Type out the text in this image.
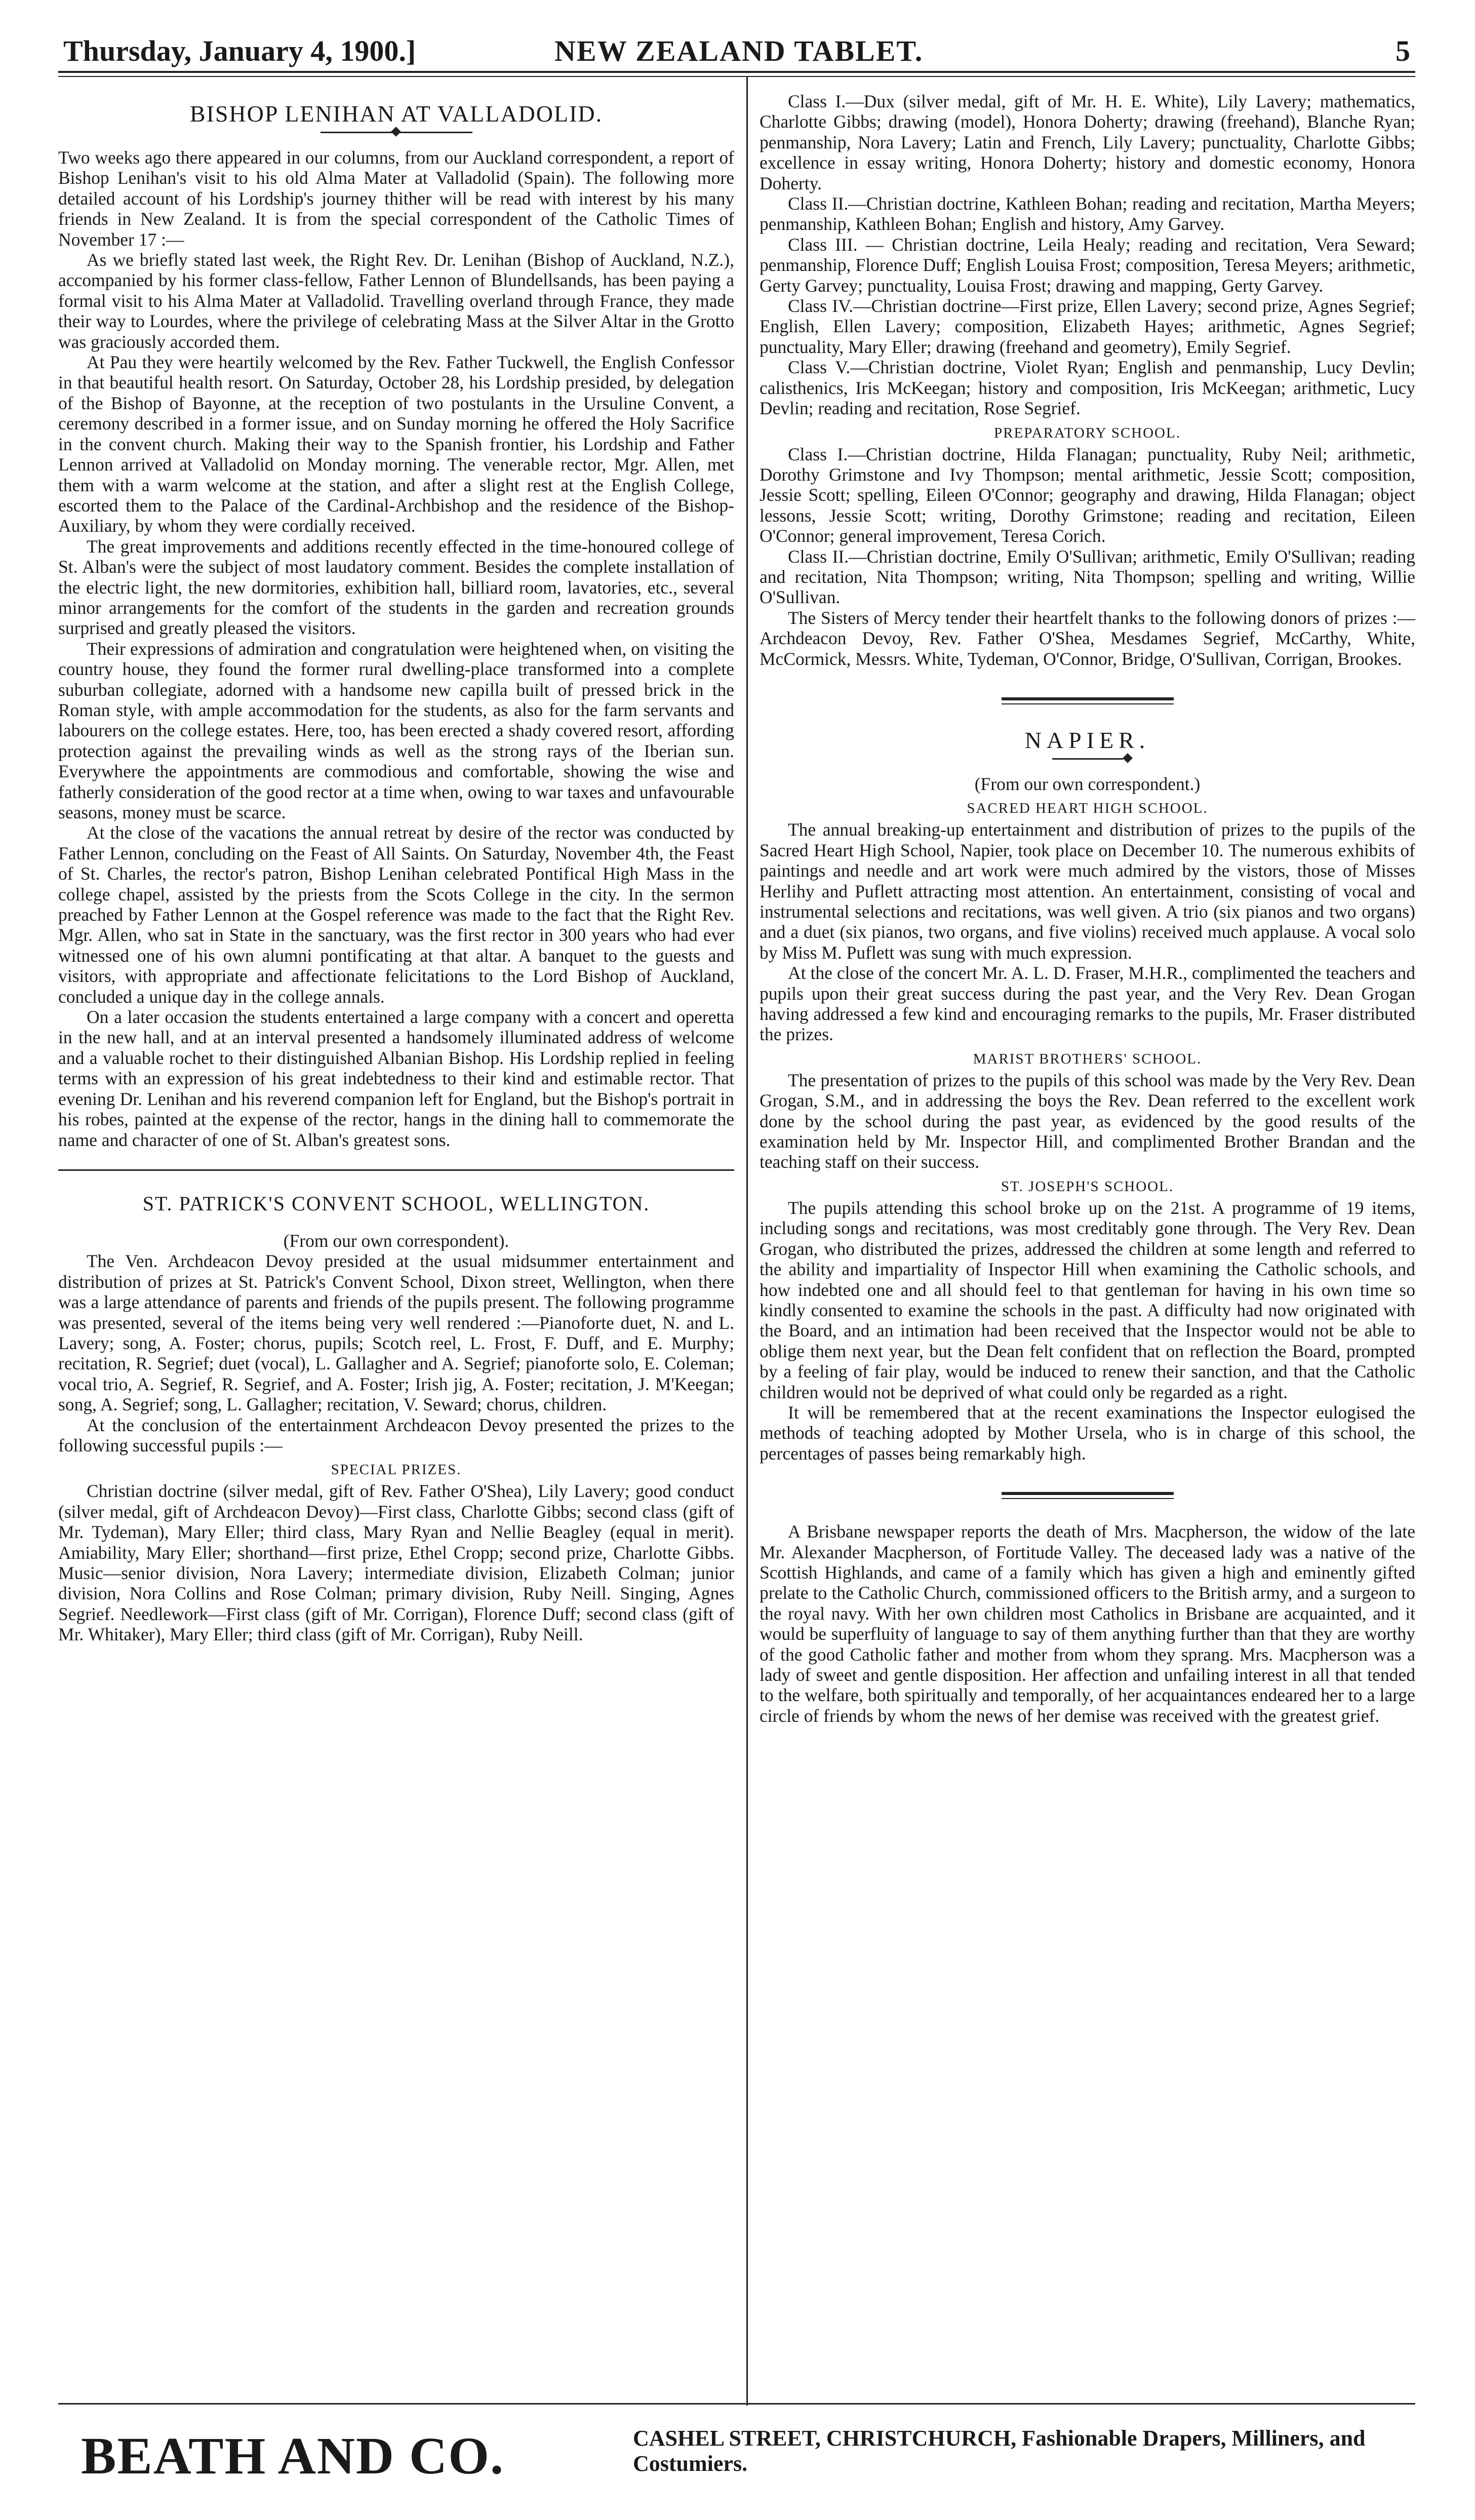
Thursday, January 4, 1900.]	NEW ZEALAND TABLET.	5
BISHOP LENIHAN AT VALLADOLID.

Two weeks ago there appeared in our columns, from our Auckland correspondent, a report of Bishop Lenihan's visit to his old Alma Mater at Valladolid (Spain). The following more detailed account of his Lordship's journey thither will be read with interest by his many friends in New Zealand. It is from the special correspondent of the Catholic Times of November 17 :—

As we briefly stated last week, the Right Rev. Dr. Lenihan (Bishop of Auckland, N.Z.), accompanied by his former class-fellow, Father Lennon of Blundellsands, has been paying a formal visit to his Alma Mater at Valladolid. Travelling overland through France, they made their way to Lourdes, where the privilege of celebrating Mass at the Silver Altar in the Grotto was graciously accorded them.

At Pau they were heartily welcomed by the Rev. Father Tuckwell, the English Confessor in that beautiful health resort. On Saturday, October 28, his Lordship presided, by delegation of the Bishop of Bayonne, at the reception of two postulants in the Ursuline Convent, a ceremony described in a former issue, and on Sunday morning he offered the Holy Sacrifice in the convent church. Making their way to the Spanish frontier, his Lordship and Father Lennon arrived at Valladolid on Monday morning. The venerable rector, Mgr. Allen, met them with a warm welcome at the station, and after a slight rest at the English College, escorted them to the Palace of the Cardinal-Archbishop and the residence of the Bishop-Auxiliary, by whom they were cordially received.

The great improvements and additions recently effected in the time-honoured college of St. Alban's were the subject of most laudatory comment. Besides the complete installation of the electric light, the new dormitories, exhibition hall, billiard room, lavatories, etc., several minor arrangements for the comfort of the students in the garden and recreation grounds surprised and greatly pleased the visitors.

Their expressions of admiration and congratulation were heightened when, on visiting the country house, they found the former rural dwelling-place transformed into a complete suburban collegiate, adorned with a handsome new capilla built of pressed brick in the Roman style, with ample accommodation for the students, as also for the farm servants and labourers on the college estates. Here, too, has been erected a shady covered resort, affording protection against the prevailing winds as well as the strong rays of the Iberian sun. Everywhere the appointments are commodious and comfortable, showing the wise and fatherly consideration of the good rector at a time when, owing to war taxes and unfavourable seasons, money must be scarce.

At the close of the vacations the annual retreat by desire of the rector was conducted by Father Lennon, concluding on the Feast of All Saints. On Saturday, November 4th, the Feast of St. Charles, the rector's patron, Bishop Lenihan celebrated Pontifical High Mass in the college chapel, assisted by the priests from the Scots College in the city. In the sermon preached by Father Lennon at the Gospel reference was made to the fact that the Right Rev. Mgr. Allen, who sat in State in the sanctuary, was the first rector in 300 years who had ever witnessed one of his own alumni pontificating at that altar. A banquet to the guests and visitors, with appropriate and affectionate felicitations to the Lord Bishop of Auckland, concluded a unique day in the college annals.

On a later occasion the students entertained a large company with a concert and operetta in the new hall, and at an interval presented a handsomely illuminated address of welcome and a valuable rochet to their distinguished Albanian Bishop. His Lordship replied in feeling terms with an expression of his great indebtedness to their kind and estimable rector. That evening Dr. Lenihan and his reverend companion left for England, but the Bishop's portrait in his robes, painted at the expense of the rector, hangs in the dining hall to commemorate the name and character of one of St. Alban's greatest sons.

ST. PATRICK'S CONVENT SCHOOL, WELLINGTON.

(From our own correspondent).

The Ven. Archdeacon Devoy presided at the usual midsummer entertainment and distribution of prizes at St. Patrick's Convent School, Dixon street, Wellington, when there was a large attendance of parents and friends of the pupils present. The following programme was presented, several of the items being very well rendered :—Pianoforte duet, N. and L. Lavery; song, A. Foster; chorus, pupils; Scotch reel, L. Frost, F. Duff, and E. Murphy; recitation, R. Segrief; duet (vocal), L. Gallagher and A. Segrief; pianoforte solo, E. Coleman; vocal trio, A. Segrief, R. Segrief, and A. Foster; Irish jig, A. Foster; recitation, J. M'Keegan; song, A. Segrief; song, L. Gallagher; recitation, V. Seward; chorus, children.

At the conclusion of the entertainment Archdeacon Devoy presented the prizes to the following successful pupils :—

SPECIAL PRIZES.

Christian doctrine (silver medal, gift of Rev. Father O'Shea), Lily Lavery; good conduct (silver medal, gift of Archdeacon Devoy)—First class, Charlotte Gibbs; second class (gift of Mr. Tydeman), Mary Eller; third class, Mary Ryan and Nellie Beagley (equal in merit). Amiability, Mary Eller; shorthand—first prize, Ethel Cropp; second prize, Charlotte Gibbs. Music—senior division, Nora Lavery; intermediate division, Elizabeth Colman; junior division, Nora Collins and Rose Colman; primary division, Ruby Neill. Singing, Agnes Segrief. Needlework—First class (gift of Mr. Corrigan), Florence Duff; second class (gift of Mr. Whitaker), Mary Eller; third class (gift of Mr. Corrigan), Ruby Neill.

Class I.—Dux (silver medal, gift of Mr. H. E. White), Lily Lavery; mathematics, Charlotte Gibbs; drawing (model), Honora Doherty; drawing (freehand), Blanche Ryan; penmanship, Nora Lavery; Latin and French, Lily Lavery; punctuality, Charlotte Gibbs; excellence in essay writing, Honora Doherty; history and domestic economy, Honora Doherty.

Class II.—Christian doctrine, Kathleen Bohan; reading and recitation, Martha Meyers; penmanship, Kathleen Bohan; English and history, Amy Garvey.

Class III. — Christian doctrine, Leila Healy; reading and recitation, Vera Seward; penmanship, Florence Duff; English Louisa Frost; composition, Teresa Meyers; arithmetic, Gerty Garvey; punctuality, Louisa Frost; drawing and mapping, Gerty Garvey.

Class IV.—Christian doctrine—First prize, Ellen Lavery; second prize, Agnes Segrief; English, Ellen Lavery; composition, Elizabeth Hayes; arithmetic, Agnes Segrief; punctuality, Mary Eller; drawing (freehand and geometry), Emily Segrief.

Class V.—Christian doctrine, Violet Ryan; English and penmanship, Lucy Devlin; calisthenics, Iris McKeegan; history and composition, Iris McKeegan; arithmetic, Lucy Devlin; reading and recitation, Rose Segrief.

PREPARATORY SCHOOL.

Class I.—Christian doctrine, Hilda Flanagan; punctuality, Ruby Neil; arithmetic, Dorothy Grimstone and Ivy Thompson; mental arithmetic, Jessie Scott; composition, Jessie Scott; spelling, Eileen O'Connor; geography and drawing, Hilda Flanagan; object lessons, Jessie Scott; writing, Dorothy Grimstone; reading and recitation, Eileen O'Connor; general improvement, Teresa Corich.

Class II.—Christian doctrine, Emily O'Sullivan; arithmetic, Emily O'Sullivan; reading and recitation, Nita Thompson; writing, Nita Thompson; spelling and writing, Willie O'Sullivan.

The Sisters of Mercy tender their heartfelt thanks to the following donors of prizes :—Archdeacon Devoy, Rev. Father O'Shea, Mesdames Segrief, McCarthy, White, McCormick, Messrs. White, Tydeman, O'Connor, Bridge, O'Sullivan, Corrigan, Brookes.

NAPIER.

(From our own correspondent.)

SACRED HEART HIGH SCHOOL.

The annual breaking-up entertainment and distribution of prizes to the pupils of the Sacred Heart High School, Napier, took place on December 10. The numerous exhibits of paintings and needle and art work were much admired by the vistors, those of Misses Herlihy and Puflett attracting most attention. An entertainment, consisting of vocal and instrumental selections and recitations, was well given. A trio (six pianos and two organs) and a duet (six pianos, two organs, and five violins) received much applause. A vocal solo by Miss M. Puflett was sung with much expression.

At the close of the concert Mr. A. L. D. Fraser, M.H.R., complimented the teachers and pupils upon their great success during the past year, and the Very Rev. Dean Grogan having addressed a few kind and encouraging remarks to the pupils, Mr. Fraser distributed the prizes.

MARIST BROTHERS' SCHOOL.

The presentation of prizes to the pupils of this school was made by the Very Rev. Dean Grogan, S.M., and in addressing the boys the Rev. Dean referred to the excellent work done by the school during the past year, as evidenced by the good results of the examination held by Mr. Inspector Hill, and complimented Brother Brandan and the teaching staff on their success.

ST. JOSEPH'S SCHOOL.

The pupils attending this school broke up on the 21st. A programme of 19 items, including songs and recitations, was most creditably gone through. The Very Rev. Dean Grogan, who distributed the prizes, addressed the children at some length and referred to the ability and impartiality of Inspector Hill when examining the Catholic schools, and how indebted one and all should feel to that gentleman for having in his own time so kindly consented to examine the schools in the past. A difficulty had now originated with the Board, and an intimation had been received that the Inspector would not be able to oblige them next year, but the Dean felt confident that on reflection the Board, prompted by a feeling of fair play, would be induced to renew their sanction, and that the Catholic children would not be deprived of what could only be regarded as a right.

It will be remembered that at the recent examinations the Inspector eulogised the methods of teaching adopted by Mother Ursela, who is in charge of this school, the percentages of passes being remarkably high.

A Brisbane newspaper reports the death of Mrs. Macpherson, the widow of the late Mr. Alexander Macpherson, of Fortitude Valley. The deceased lady was a native of the Scottish Highlands, and came of a family which has given a high and eminently gifted prelate to the Catholic Church, commissioned officers to the British army, and a surgeon to the royal navy. With her own children most Catholics in Brisbane are acquainted, and it would be superfluity of language to say of them anything further than that they are worthy of the good Catholic father and mother from whom they sprang. Mrs. Macpherson was a lady of sweet and gentle disposition. Her affection and unfailing interest in all that tended to the welfare, both spiritually and temporally, of her acquaintances endeared her to a large circle of friends by whom the news of her demise was received with the greatest grief.

BEATH AND CO.	CASHEL STREET, CHRISTCHURCH, Fashionable Drapers, Milliners, and Costumiers.
